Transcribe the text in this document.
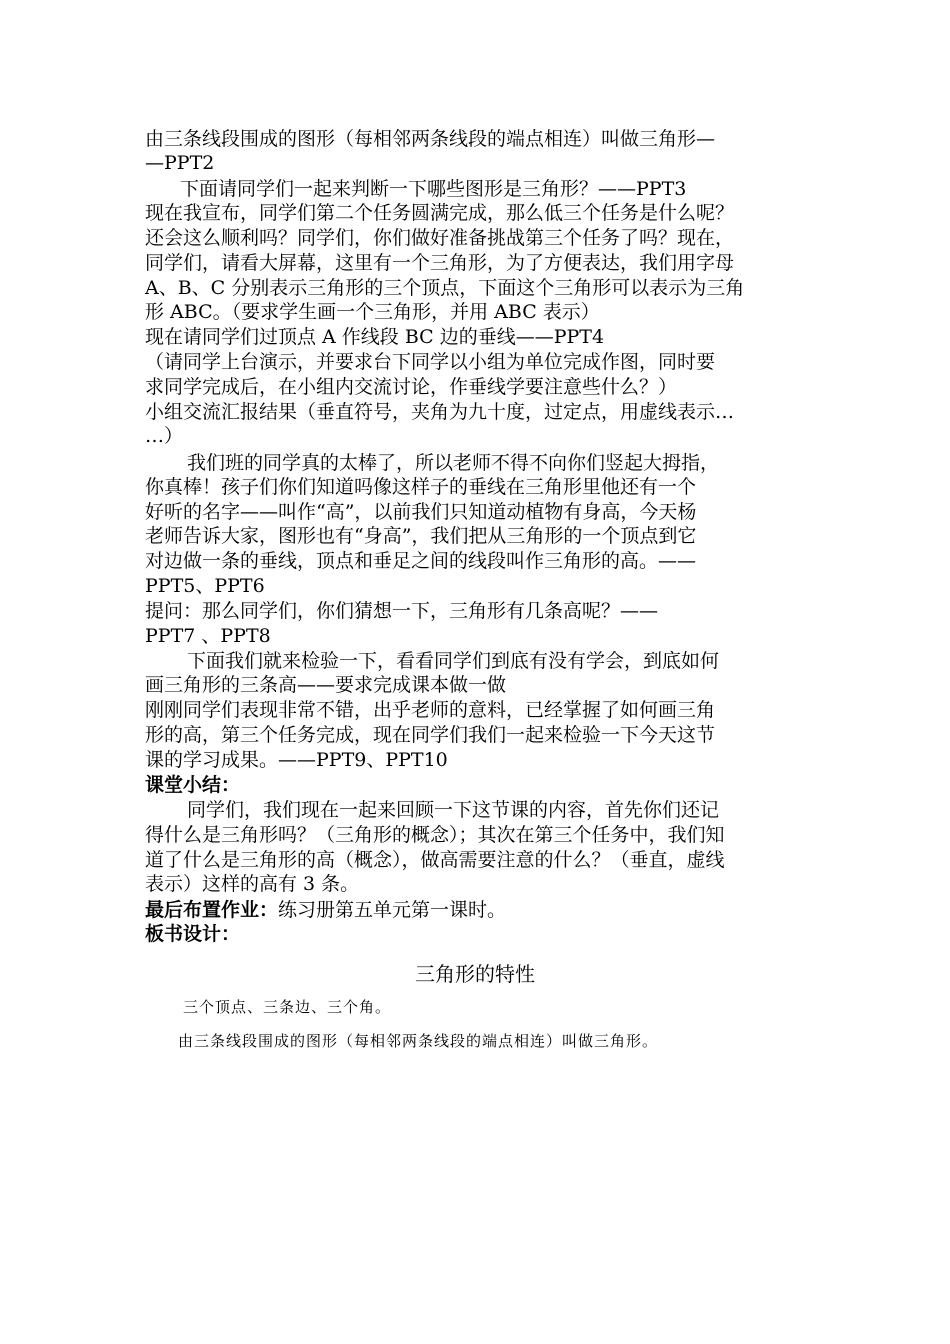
由三条线段围成的图形（每相邻两条线段的端点相连）叫做三角形—
—PPT2
下面请同学们一起来判断一下哪些图形是三角形？——PPT3
现在我宣布，同学们第二个任务圆满完成，那么低三个任务是什么呢？
还会这么顺利吗？同学们，你们做好准备挑战第三个任务了吗？现在，
同学们，请看大屏幕，这里有一个三角形，为了方便表达，我们用字母
A、B、C 分别表示三角形的三个顶点，下面这个三角形可以表示为三角
形 ABC。（要求学生画一个三角形，并用 ABC 表示）
现在请同学们过顶点 A 作线段 BC 边的垂线——PPT4
（请同学上台演示，并要求台下同学以小组为单位完成作图，同时要
求同学完成后，在小组内交流讨论，作垂线学要注意些什么？）
小组交流汇报结果（垂直符号，夹角为九十度，过定点，用虚线表示…
…）
我们班的同学真的太棒了，所以老师不得不向你们竖起大拇指，
你真棒！孩子们你们知道吗像这样子的垂线在三角形里他还有一个
好听的名字——叫作“高”，以前我们只知道动植物有身高，今天杨
老师告诉大家，图形也有“身高”，我们把从三角形的一个顶点到它
对边做一条的垂线，顶点和垂足之间的线段叫作三角形的高。——
PPT5、PPT6
提问：那么同学们，你们猜想一下，三角形有几条高呢？——
PPT7 、PPT8
下面我们就来检验一下，看看同学们到底有没有学会，到底如何
画三角形的三条高——要求完成课本做一做
刚刚同学们表现非常不错，出乎老师的意料，已经掌握了如何画三角
形的高，第三个任务完成，现在同学们我们一起来检验一下今天这节
课的学习成果。——PPT9、PPT10
课堂小结：
同学们，我们现在一起来回顾一下这节课的内容，首先你们还记
得什么是三角形吗？（三角形的概念）；其次在第三个任务中，我们知
道了什么是三角形的高（概念），做高需要注意的什么？（垂直，虚线
表示）这样的高有 3 条。
最后布置作业：练习册第五单元第一课时。
板书设计：
三角形的特性
三个顶点、三条边、三个角。
由三条线段围成的图形（每相邻两条线段的端点相连）叫做三角形。
